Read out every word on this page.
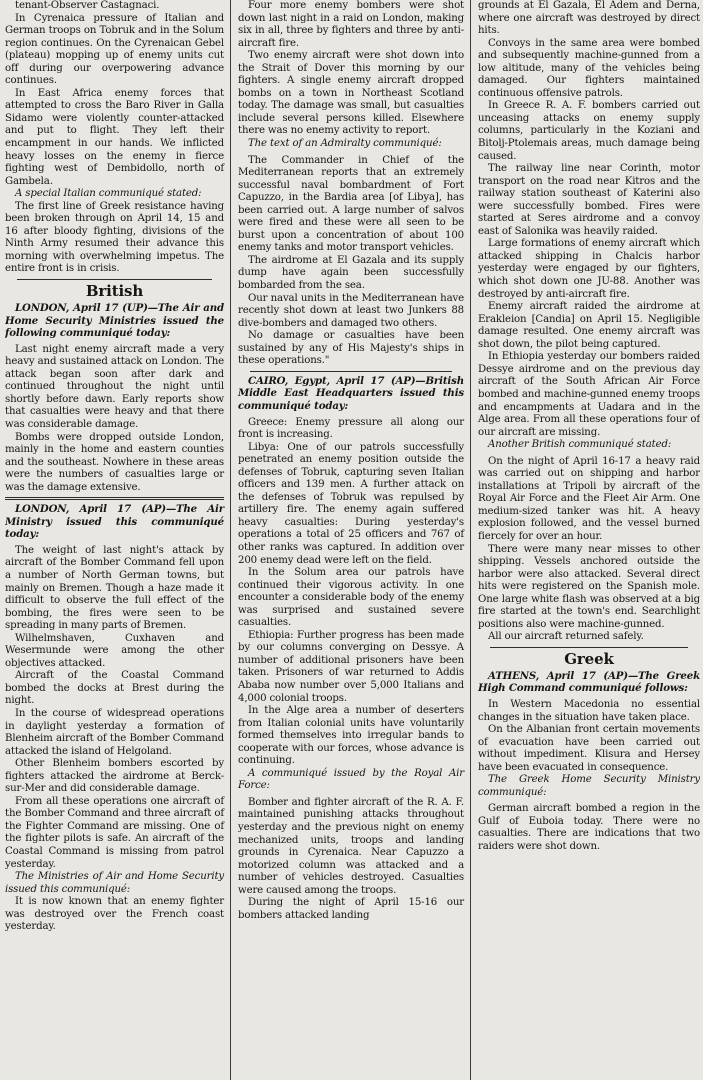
tenant-Observer Castagnaci.

In Cyrenaica pressure of Italian and German troops on Tobruk and in the Solum region continues. On the Cyrenaican Gebel (plateau) mopping up of enemy units cut off during our overpowering advance continues.

In East Africa enemy forces that attempted to cross the Baro River in Galla Sidamo were violently counter-attacked and put to flight. They left their encampment in our hands. We inflicted heavy losses on the enemy in fierce fighting west of Dembidollo, north of Gambela.

A special Italian communiqué stated:

The first line of Greek resistance having been broken through on April 14, 15 and 16 after bloody fighting, divisions of the Ninth Army resumed their advance this morning with overwhelming impetus. The entire front is in crisis.

British

LONDON, April 17 (UP)—The Air and Home Security Ministries issued the following communiqué today:

Last night enemy aircraft made a very heavy and sustained attack on London. The attack began soon after dark and continued throughout the night until shortly before dawn. Early reports show that casualties were heavy and that there was considerable damage.

Bombs were dropped outside London, mainly in the home and eastern counties and the southeast. Nowhere in these areas were the numbers of casualties large or was the damage extensive.

LONDON, April 17 (AP)—The Air Ministry issued this communiqué today:

The weight of last night's attack by aircraft of the Bomber Command fell upon a number of North German towns, but mainly on Bremen. Though a haze made it difficult to observe the full effect of the bombing, the fires were seen to be spreading in many parts of Bremen.

Wilhelmshaven, Cuxhaven and Wesermunde were among the other objectives attacked.

Aircraft of the Coastal Command bombed the docks at Brest during the night.

In the course of widespread operations in daylight yesterday a formation of Blenheim aircraft of the Bomber Command attacked the island of Helgoland.

Other Blenheim bombers escorted by fighters attacked the airdrome at Berck-sur-Mer and did considerable damage.

From all these operations one aircraft of the Bomber Command and three aircraft of the Fighter Command are missing. One of the fighter pilots is safe. An aircraft of the Coastal Command is missing from patrol yesterday.

The Ministries of Air and Home Security issued this communiqué:

It is now known that an enemy fighter was destroyed over the French coast yesterday.

Four more enemy bombers were shot down last night in a raid on London, making six in all, three by fighters and three by anti-aircraft fire.

Two enemy aircraft were shot down into the Strait of Dover this morning by our fighters. A single enemy aircraft dropped bombs on a town in Northeast Scotland today. The damage was small, but casualties include several persons killed. Elsewhere there was no enemy activity to report.

The text of an Admiralty communiqué:

The Commander in Chief of the Mediterranean reports that an extremely successful naval bombardment of Fort Capuzzo, in the Bardia area [of Libya], has been carried out. A large number of salvos were fired and these were all seen to be burst upon a concentration of about 100 enemy tanks and motor transport vehicles.

The airdrome at El Gazala and its supply dump have again been successfully bombarded from the sea.

Our naval units in the Mediterranean have recently shot down at least two Junkers 88 dive-bombers and damaged two others.

No damage or casualties have been sustained by any of His Majesty's ships in these operations."

CAIRO, Egypt, April 17 (AP)—British Middle East Headquarters issued this communiqué today:

Greece: Enemy pressure all along our front is increasing.

Libya: One of our patrols successfully penetrated an enemy position outside the defenses of Tobruk, capturing seven Italian officers and 139 men. A further attack on the defenses of Tobruk was repulsed by artillery fire. The enemy again suffered heavy casualties: During yesterday's operations a total of 25 officers and 767 of other ranks was captured. In addition over 200 enemy dead were left on the field.

In the Solum area our patrols have continued their vigorous activity. In one encounter a considerable body of the enemy was surprised and sustained severe casualties.

Ethiopia: Further progress has been made by our columns converging on Dessye. A number of additional prisoners have been taken. Prisoners of war returned to Addis Ababa now number over 5,000 Italians and 4,000 colonial troops.

In the Alge area a number of deserters from Italian colonial units have voluntarily formed themselves into irregular bands to cooperate with our forces, whose advance is continuing.

A communiqué issued by the Royal Air Force:

Bomber and fighter aircraft of the R. A. F. maintained punishing attacks throughout yesterday and the previous night on enemy mechanized units, troops and landing grounds in Cyrenaica. Near Capuzzo a motorized column was attacked and a number of vehicles destroyed. Casualties were caused among the troops.

During the night of April 15-16 our bombers attacked landing

grounds at El Gazala, El Adem and Derna, where one aircraft was destroyed by direct hits.

Convoys in the same area were bombed and subsequently machine-gunned from a low altitude, many of the vehicles being damaged. Our fighters maintained continuous offensive patrols.

In Greece R. A. F. bombers carried out unceasing attacks on enemy supply columns, particularly in the Koziani and Bitolj-Ptolemais areas, much damage being caused.

The railway line near Corinth, motor transport on the road near Kitros and the railway station southeast of Katerini also were successfully bombed. Fires were started at Seres airdrome and a convoy east of Salonika was heavily raided.

Large formations of enemy aircraft which attacked shipping in Chalcis harbor yesterday were engaged by our fighters, which shot down one JU-88. Another was destroyed by anti-aircraft fire.

Enemy aircraft raided the airdrome at Erakleion [Candia] on April 15. Negligible damage resulted. One enemy aircraft was shot down, the pilot being captured.

In Ethiopia yesterday our bombers raided Dessye airdrome and on the previous day aircraft of the South African Air Force bombed and machine-gunned enemy troops and encampments at Uadara and in the Alge area. From all these operations four of our aircraft are missing.

Another British communiqué stated:

On the night of April 16-17 a heavy raid was carried out on shipping and harbor installations at Tripoli by aircraft of the Royal Air Force and the Fleet Air Arm. One medium-sized tanker was hit. A heavy explosion followed, and the vessel burned fiercely for over an hour.

There were many near misses to other shipping. Vessels anchored outside the harbor were also attacked. Several direct hits were registered on the Spanish mole. One large white flash was observed at a big fire started at the town's end. Searchlight positions also were machine-gunned.

All our aircraft returned safely.

Greek

ATHENS, April 17 (AP)—The Greek High Command communiqué follows:

In Western Macedonia no essential changes in the situation have taken place.

On the Albanian front certain movements of evacuation have been carried out without impediment. Klisura and Hersey have been evacuated in consequence.

The Greek Home Security Ministry communiqué:

German aircraft bombed a region in the Gulf of Euboia today. There were no casualties. There are indications that two raiders were shot down.
